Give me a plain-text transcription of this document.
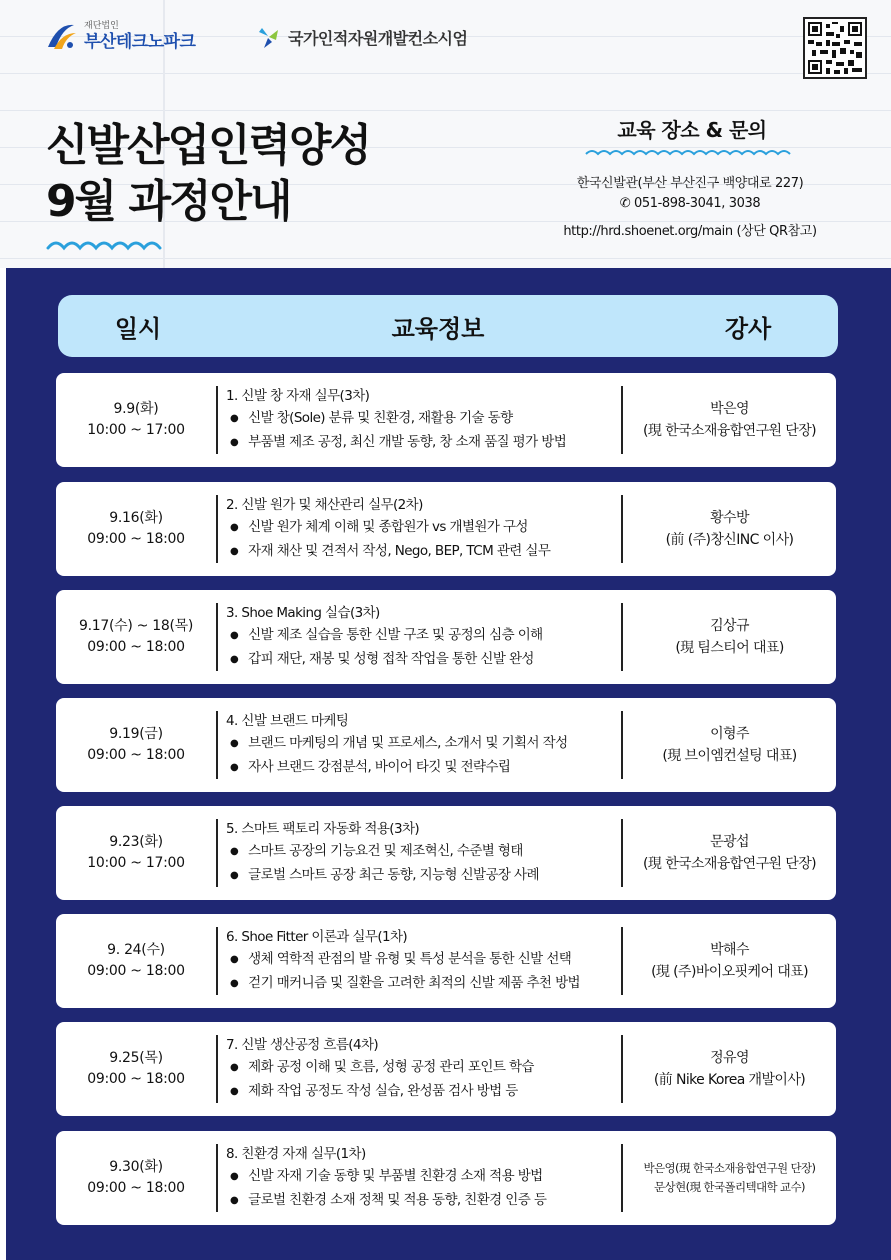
재단법인
부산테크노파크	국가인적자원개발컨소시엄
신발산업인력양성
9월 과정안내
교육 장소 & 문의
한국신발관(부산 부산진구 백양대로 227)
✆ 051-898-3041, 3038
http://hrd.shoenet.org/main (상단 QR참고)
일시	교육정보	강사
9.9(화)
10:00 ~ 17:00
1. 신발 창 자재 실무(3차)
● 신발 창(Sole) 분류 및 친환경, 재활용 기술 동향
● 부품별 제조 공정, 최신 개발 동향, 창 소재 품질 평가 방법
박은영
(現 한국소재융합연구원 단장)
9.16(화)
09:00 ~ 18:00
2. 신발 원가 및 채산관리 실무(2차)
● 신발 원가 체계 이해 및 종합원가 vs 개별원가 구성
● 자재 채산 및 견적서 작성, Nego, BEP, TCM 관련 실무
황수방
(前 (주)창신INC 이사)
9.17(수) ~ 18(목)
09:00 ~ 18:00
3. Shoe Making 실습(3차)
● 신발 제조 실습을 통한 신발 구조 및 공정의 심층 이해
● 갑피 재단, 재봉 및 성형 접착 작업을 통한 신발 완성
김상규
(現 팀스티어 대표)
9.19(금)
09:00 ~ 18:00
4. 신발 브랜드 마케팅
● 브랜드 마케팅의 개념 및 프로세스, 소개서 및 기획서 작성
● 자사 브랜드 강점분석, 바이어 타깃 및 전략수립
이형주
(現 브이엠컨설팅 대표)
9.23(화)
10:00 ~ 17:00
5. 스마트 팩토리 자동화 적용(3차)
● 스마트 공장의 기능요건 및 제조혁신, 수준별 형태
● 글로벌 스마트 공장 최근 동향, 지능형 신발공장 사례
문광섭
(現 한국소재융합연구원 단장)
9. 24(수)
09:00 ~ 18:00
6. Shoe Fitter 이론과 실무(1차)
● 생체 역학적 관점의 발 유형 및 특성 분석을 통한 신발 선택
● 걷기 매커니즘 및 질환을 고려한 최적의 신발 제품 추천 방법
박해수
(現 (주)바이오핏케어 대표)
9.25(목)
09:00 ~ 18:00
7. 신발 생산공정 흐름(4차)
● 제화 공정 이해 및 흐름, 성형 공정 관리 포인트 학습
● 제화 작업 공정도 작성 실습, 완성품 검사 방법 등
정유영
(前 Nike Korea 개발이사)
9.30(화)
09:00 ~ 18:00
8. 친환경 자재 실무(1차)
● 신발 자재 기술 동향 및 부품별 친환경 소재 적용 방법
● 글로벌 친환경 소재 정책 및 적용 동향, 친환경 인증 등
박은영(現 한국소재융합연구원 단장)
문상현(現 한국폴리텍대학 교수)
